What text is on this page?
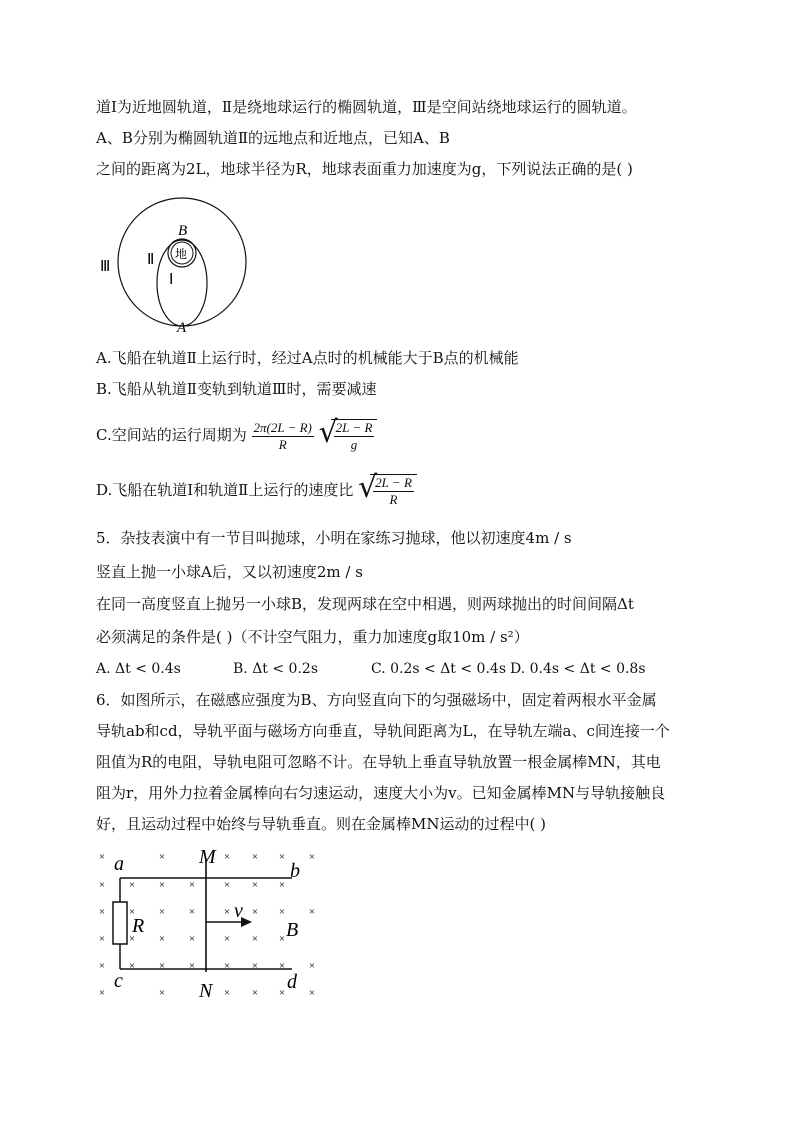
道I为近地圆轨道，Ⅱ是绕地球运行的椭圆轨道，Ⅲ是空间站绕地球运行的圆轨道。
A、B分别为椭圆轨道Ⅱ的远地点和近地点，已知A、B
之间的距离为2L，地球半径为R，地球表面重力加速度为g，下列说法正确的是( )
地
B
A
Ⅲ Ⅱ
Ⅰ
A.飞船在轨道Ⅱ上运行时，经过A点时的机械能大于B点的机械能
B.飞船从轨道Ⅱ变轨到轨道Ⅲ时，需要减速
C.空间站的运行周期为 $\frac{2\pi(2L - R)}{R}$
√
$\frac{2L - R}{g}$
D.飞船在轨道Ⅰ和轨道Ⅱ上运行的速度比 √
$\frac{2L - R}{R}$
5．杂技表演中有一节目叫抛球，小明在家练习抛球，他以初速度4m / s
竖直上抛一小球A后，又以初速度2m / s
在同一高度竖直上抛另一小球B，发现两球在空中相遇，则两球抛出的时间间隔Δt
必须满足的条件是( )（不计空气阻力，重力加速度g取10m / s²）
A. Δt < 0.4s	B. Δt < 0.2s	C. 0.2s < Δt < 0.4s D. 0.4s < Δt < 0.8s
6．如图所示，在磁感应强度为B、方向竖直向下的匀强磁场中，固定着两根水平金属
导轨ab和cd，导轨平面与磁场方向垂直，导轨间距离为L，在导轨左端a、c间连接一个
阻值为R的电阻，导轨电阻可忽略不计。在导轨上垂直导轨放置一根金属棒MN，其电
阻为r，用外力拉着金属棒向右匀速运动，速度大小为v。已知金属棒MN与导轨接触良
好，且运动过程中始终与导轨垂直。则在金属棒MN运动的过程中( )
×	×	× × × ×
× × × ×	× × ×
× × × ×	× × × ×
× × × ×	× × ×
× × × ×	× × × ×
×	×	× × × ×
a	b
c	d
M
N
R
v
B
